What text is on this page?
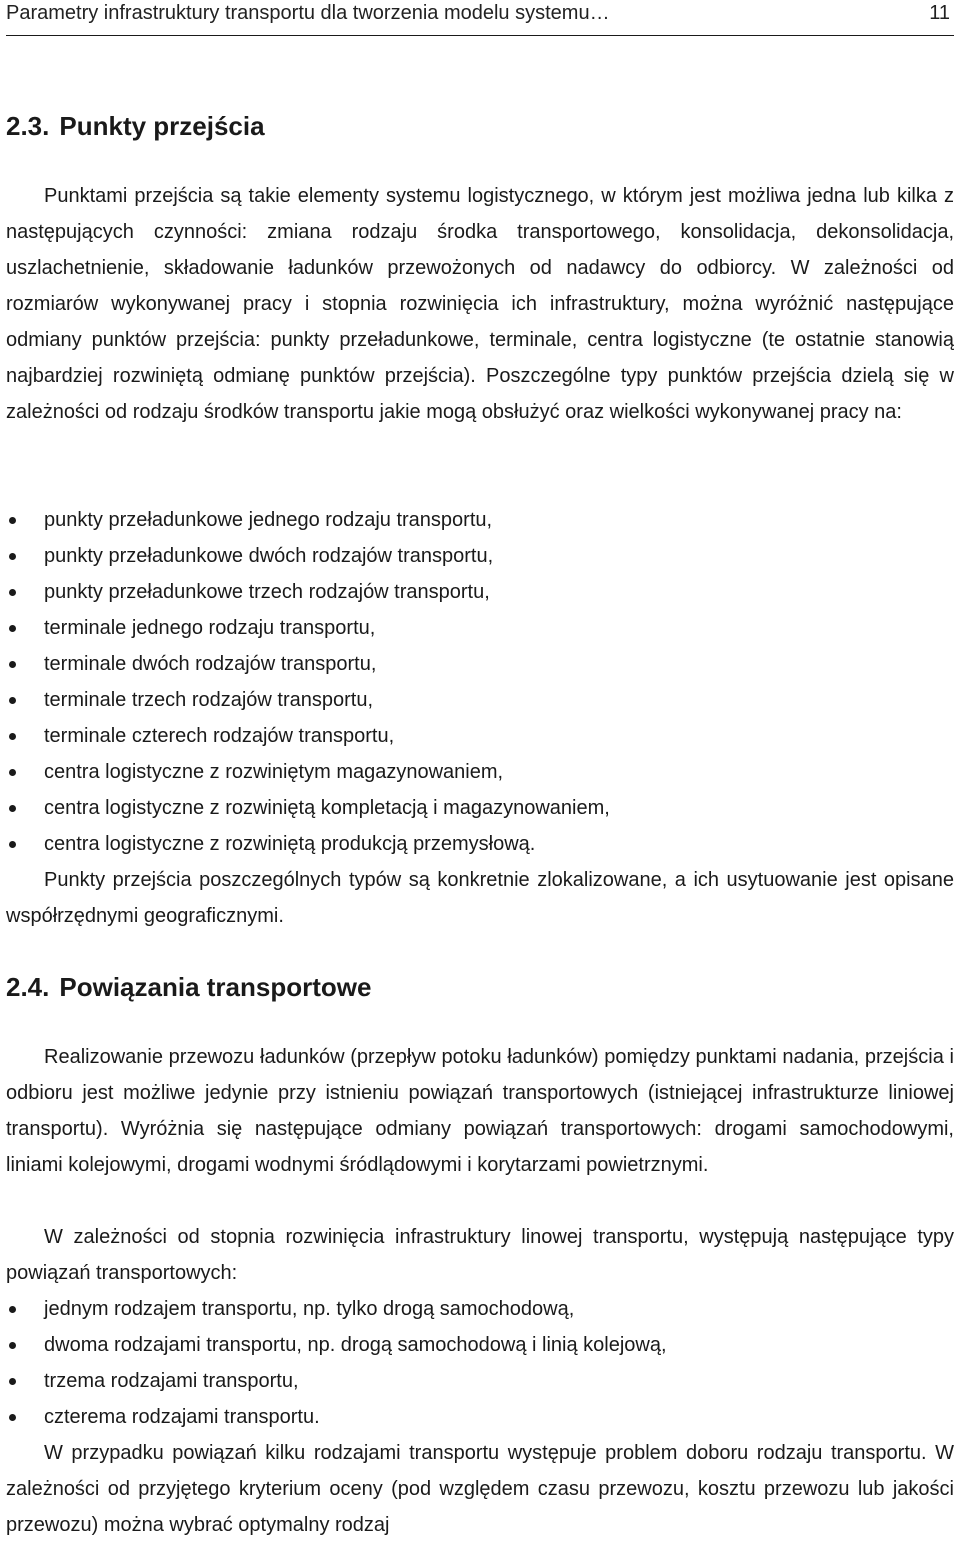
Parametry infrastruktury transportu dla tworzenia modelu systemu…	11
2.3. Punkty przejścia

Punktami przejścia są takie elementy systemu logistycznego, w którym jest możliwa jedna lub kilka z następujących czynności: zmiana rodzaju środka transportowego, konsolidacja, dekonsolidacja, uszlachetnienie, składowanie ładunków przewożonych od nadawcy do odbiorcy. W zależności od rozmiarów wykonywanej pracy i stopnia rozwinięcia ich infrastruktury, można wyróżnić następujące odmiany punktów przejścia: punkty przeładunkowe, terminale, centra logistyczne (te ostatnie stanowią najbardziej rozwiniętą odmianę punktów przejścia). Poszczególne typy punktów przejścia dzielą się w zależności od rodzaju środków transportu jakie mogą obsłużyć oraz wielkości wykonywanej pracy na:

punkty przeładunkowe jednego rodzaju transportu,
punkty przeładunkowe dwóch rodzajów transportu,
punkty przeładunkowe trzech rodzajów transportu,
terminale jednego rodzaju transportu,
terminale dwóch rodzajów transportu,
terminale trzech rodzajów transportu,
terminale czterech rodzajów transportu,
centra logistyczne z rozwiniętym magazynowaniem,
centra logistyczne z rozwiniętą kompletacją i magazynowaniem,
centra logistyczne z rozwiniętą produkcją przemysłową.

Punkty przejścia poszczególnych typów są konkretnie zlokalizowane, a ich usytuowanie jest opisane współrzędnymi geograficznymi.

2.4. Powiązania transportowe

Realizowanie przewozu ładunków (przepływ potoku ładunków) pomiędzy punktami nadania, przejścia i odbioru jest możliwe jedynie przy istnieniu powiązań transportowych (istniejącej infrastrukturze liniowej transportu). Wyróżnia się następujące odmiany powiązań transportowych: drogami samochodowymi, liniami kolejowymi, drogami wodnymi śródlądowymi i korytarzami powietrznymi.

W zależności od stopnia rozwinięcia infrastruktury linowej transportu, występują następujące typy powiązań transportowych:

jednym rodzajem transportu, np. tylko drogą samochodową,
dwoma rodzajami transportu, np. drogą samochodową i linią kolejową,
trzema rodzajami transportu,
czterema rodzajami transportu.

W przypadku powiązań kilku rodzajami transportu występuje problem doboru rodzaju transportu. W zależności od przyjętego kryterium oceny (pod względem czasu przewozu, kosztu przewozu lub jakości przewozu) można wybrać optymalny rodzaj
